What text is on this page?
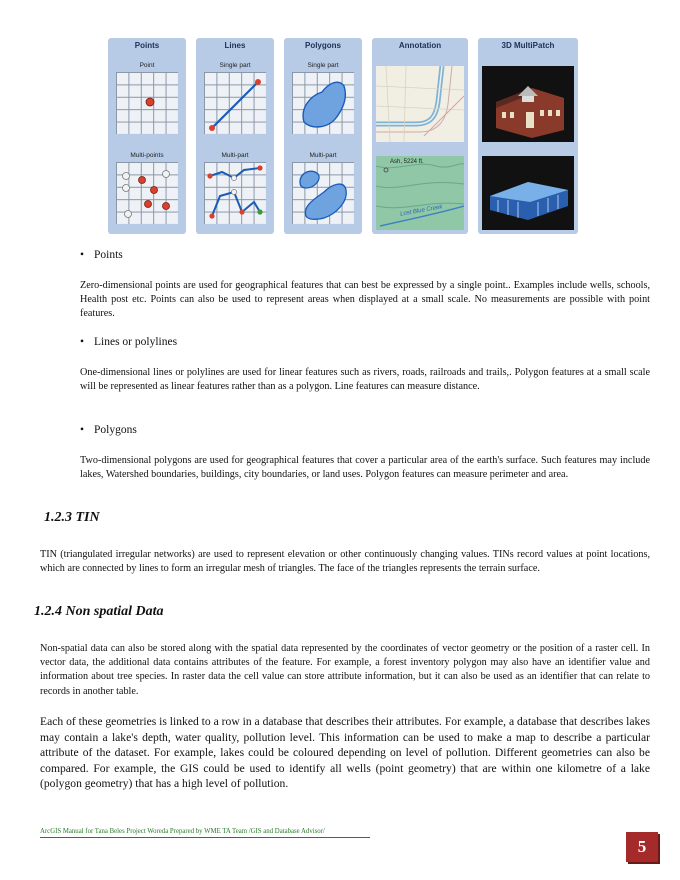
Points
Point
Multi-points
Lines
Single part
Multi-part
Polygons
Single part
Multi-part
Annotation
Ash, 5224 ft.
Lost Blue Creek
3D MultiPatch
• Points
Zero-dimensional points are used for geographical features that can best be expressed by a single point.. Examples include wells, schools, Health post etc. Points can also be used to represent areas when displayed at a small scale. No measurements are possible with point features.
• Lines or polylines
One-dimensional lines or polylines are used for linear features such as rivers, roads, railroads and trails,. Polygon features at a small scale will be represented as linear features rather than as a polygon. Line features can measure distance.
• Polygons
Two-dimensional polygons are used for geographical features that cover a particular area of the earth's surface. Such features may include lakes, Watershed boundaries, buildings, city boundaries, or land uses. Polygon features can measure perimeter and area.
1.2.3 TIN
TIN (triangulated irregular networks) are used to represent elevation or other continuously changing values. TINs record values at point locations, which are connected by lines to form an irregular mesh of triangles. The face of the triangles represents the terrain surface.
1.2.4 Non spatial Data
Non-spatial data can also be stored along with the spatial data represented by the coordinates of vector geometry or the position of a raster cell. In vector data, the additional data contains attributes of the feature. For example, a forest inventory polygon may also have an identifier value and information about tree species. In raster data the cell value can store attribute information, but it can also be used as an identifier that can relate to records in another table.
Each of these geometries is linked to a row in a database that describes their attributes. For example, a database that describes lakes may contain a lake's depth, water quality, pollution level. This information can be used to make a map to describe a particular attribute of the dataset. For example, lakes could be coloured depending on level of pollution. Different geometries can also be compared. For example, the GIS could be used to identify all wells (point geometry) that are within one kilometre of a lake (polygon geometry) that has a high level of pollution.
ArcGIS Manual for Tana Beles Project Woreda Prepared by WME TA Team /GIS and Database Advisor/
5
